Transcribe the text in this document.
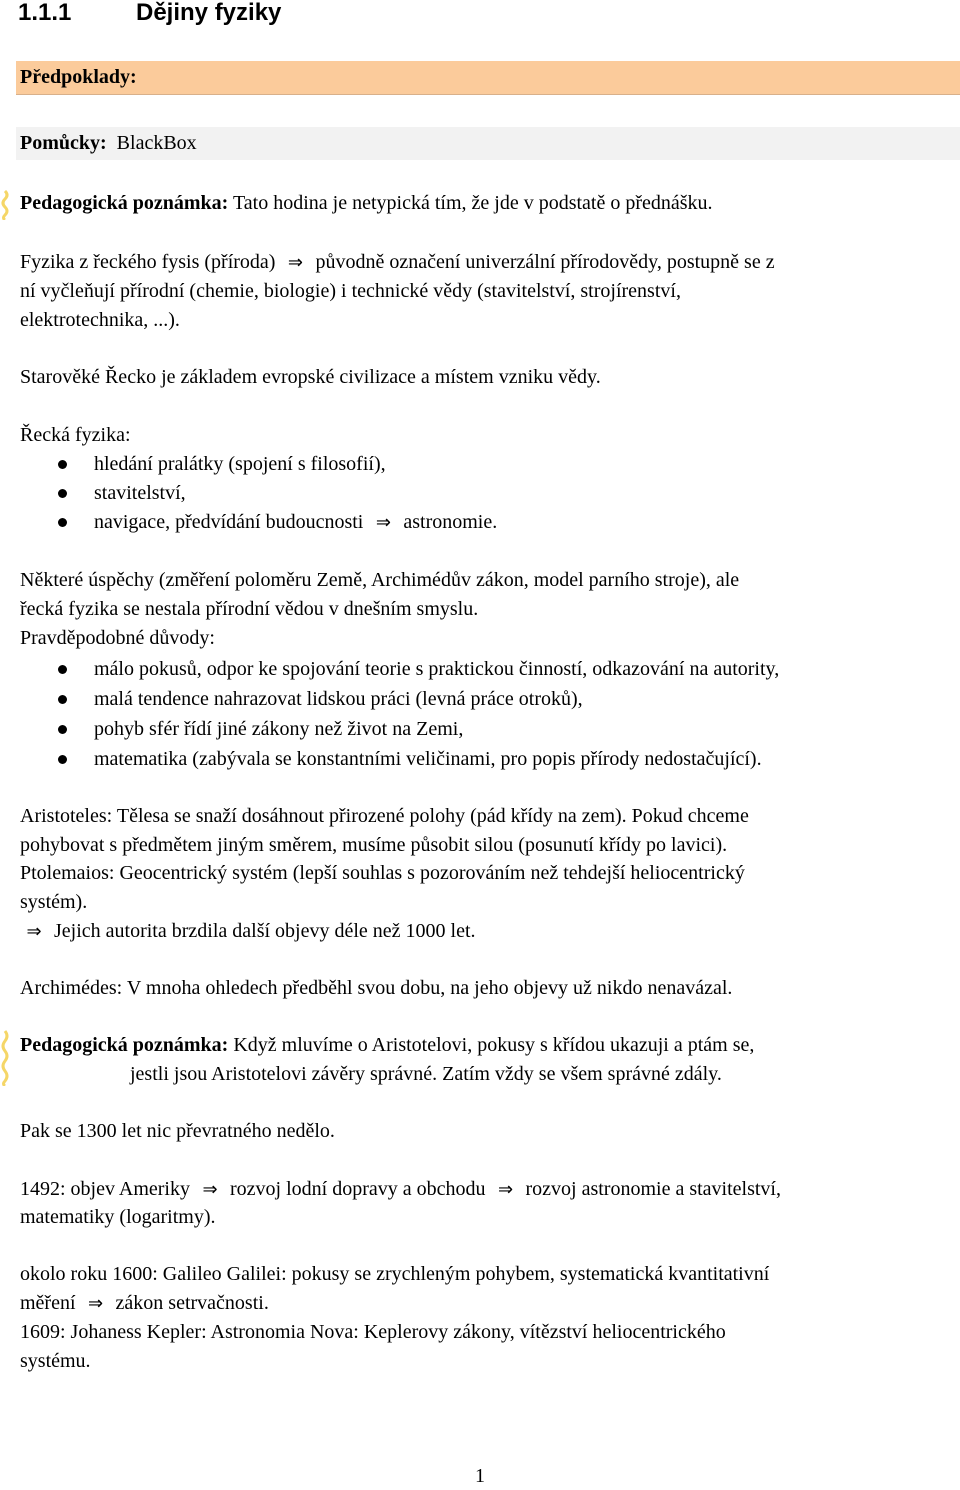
1.1.1	Dějiny fyziky
Předpoklady:
Pomůcky: BlackBox
Pedagogická poznámka: Tato hodina je netypická tím, že jde v podstatě o přednášku.
Fyzika z řeckého fysis (příroda) ⇒ původně označení univerzální přírodovědy, postupně se z
ní vyčleňují přírodní (chemie, biologie) i technické vědy (stavitelství, strojírenství,
elektrotechnika, ...).
Starověké Řecko je základem evropské civilizace a místem vzniku vědy.
Řecká fyzika:
hledání pralátky (spojení s filosofií),
stavitelství,
navigace, předvídání budoucnosti ⇒ astronomie.
Některé úspěchy (změření poloměru Země, Archimédův zákon, model parního stroje), ale
řecká fyzika se nestala přírodní vědou v dnešním smyslu.
Pravděpodobné důvody:
málo pokusů, odpor ke spojování teorie s praktickou činností, odkazování na autority,
malá tendence nahrazovat lidskou práci (levná práce otroků),
pohyb sfér řídí jiné zákony než život na Zemi,
matematika (zabývala se konstantními veličinami, pro popis přírody nedostačující).
Aristoteles: Tělesa se snaží dosáhnout přirozené polohy (pád křídy na zem). Pokud chceme
pohybovat s předmětem jiným směrem, musíme působit silou (posunutí křídy po lavici).
Ptolemaios: Geocentrický systém (lepší souhlas s pozorováním než tehdejší heliocentrický
systém).
⇒ Jejich autorita brzdila další objevy déle než 1000 let.
Archimédes: V mnoha ohledech předběhl svou dobu, na jeho objevy už nikdo nenavázal.
Pedagogická poznámka: Když mluvíme o Aristotelovi, pokusy s křídou ukazuji a ptám se,
jestli jsou Aristotelovi závěry správné. Zatím vždy se všem správné zdály.
Pak se 1300 let nic převratného nedělo.
1492: objev Ameriky ⇒ rozvoj lodní dopravy a obchodu ⇒ rozvoj astronomie a stavitelství,
matematiky (logaritmy).
okolo roku 1600: Galileo Galilei: pokusy se zrychleným pohybem, systematická kvantitativní
měření ⇒ zákon setrvačnosti.
1609: Johaness Kepler: Astronomia Nova: Keplerovy zákony, vítězství heliocentrického
systému.
1
